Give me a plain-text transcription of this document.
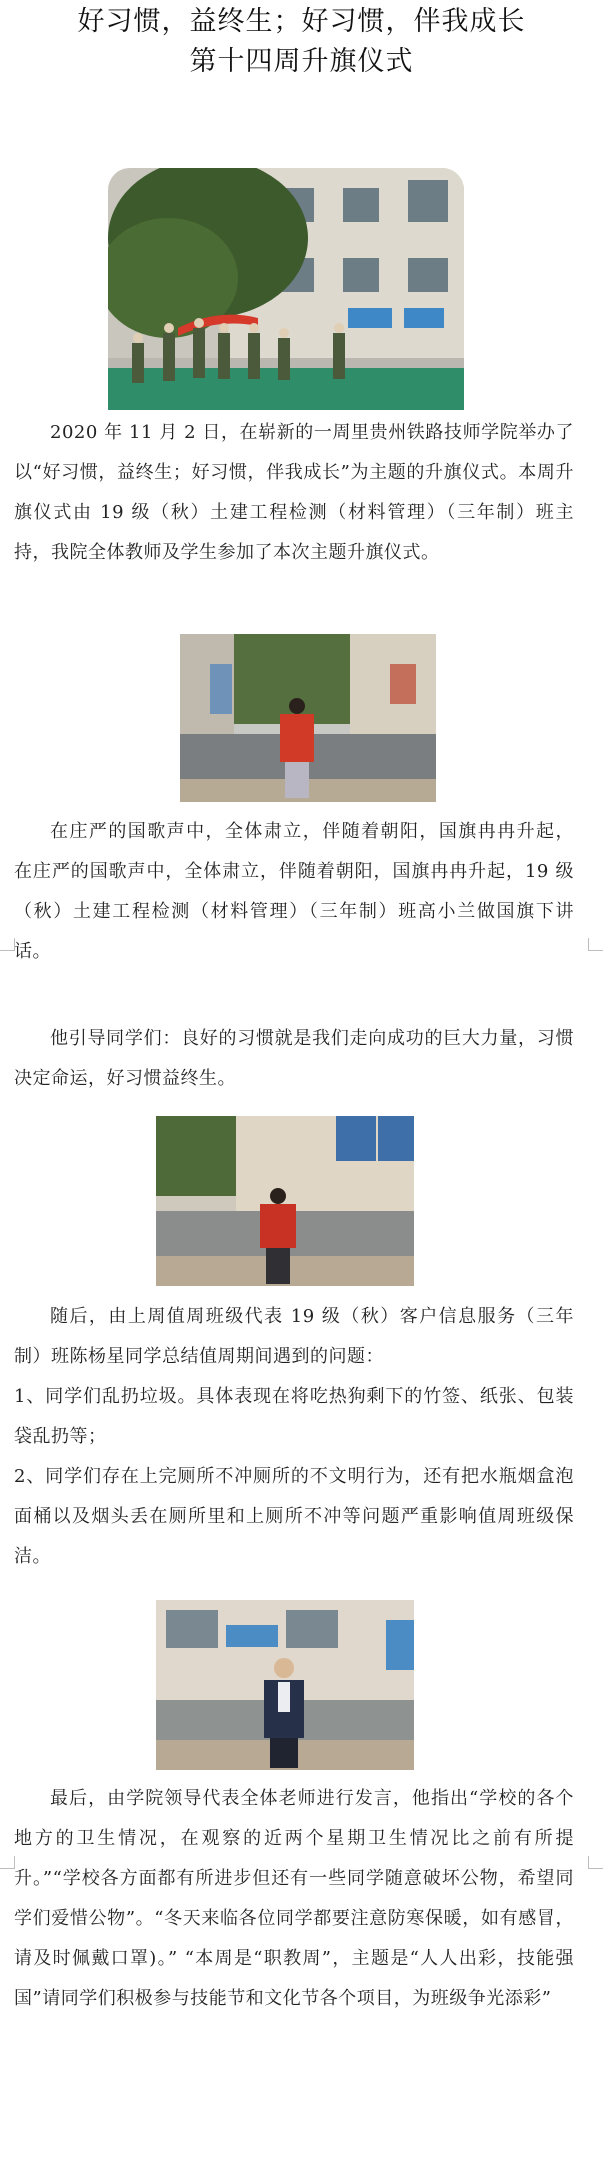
好习惯，益终生；好习惯，伴我成长
第十四周升旗仪式
2020 年 11 月 2 日，在崭新的一周里贵州铁路技师学院举办了以“好习惯，益终生；好习惯，伴我成长”为主题的升旗仪式。本周升旗仪式由 19 级（秋）土建工程检测（材料管理）（三年制）班主持，我院全体教师及学生参加了本次主题升旗仪式。
在庄严的国歌声中，全体肃立，伴随着朝阳，国旗冉冉升起， 在庄严的国歌声中，全体肃立，伴随着朝阳，国旗冉冉升起，19 级（秋）土建工程检测（材料管理）（三年制）班高小兰做国旗下讲话。
他引导同学们：良好的习惯就是我们走向成功的巨大力量，习惯决定命运，好习惯益终生。
随后，由上周值周班级代表 19 级（秋）客户信息服务（三年制）班陈杨星同学总结值周期间遇到的问题：
1、同学们乱扔垃圾。具体表现在将吃热狗剩下的竹签、纸张、包装袋乱扔等；
2、同学们存在上完厕所不冲厕所的不文明行为，还有把水瓶烟盒泡面桶以及烟头丢在厕所里和上厕所不冲等问题严重影响值周班级保洁。
最后，由学院领导代表全体老师进行发言，他指出“学校的各个地方的卫生情况，在观察的近两个星期卫生情况比之前有所提升。”“学校各方面都有所进步但还有一些同学随意破坏公物，希望同学们爱惜公物”。“冬天来临各位同学都要注意防寒保暖，如有感冒，请及时佩戴口罩)。” “本周是“职教周”，主题是“人人出彩，技能强国”请同学们积极参与技能节和文化节各个项目，为班级争光添彩”
